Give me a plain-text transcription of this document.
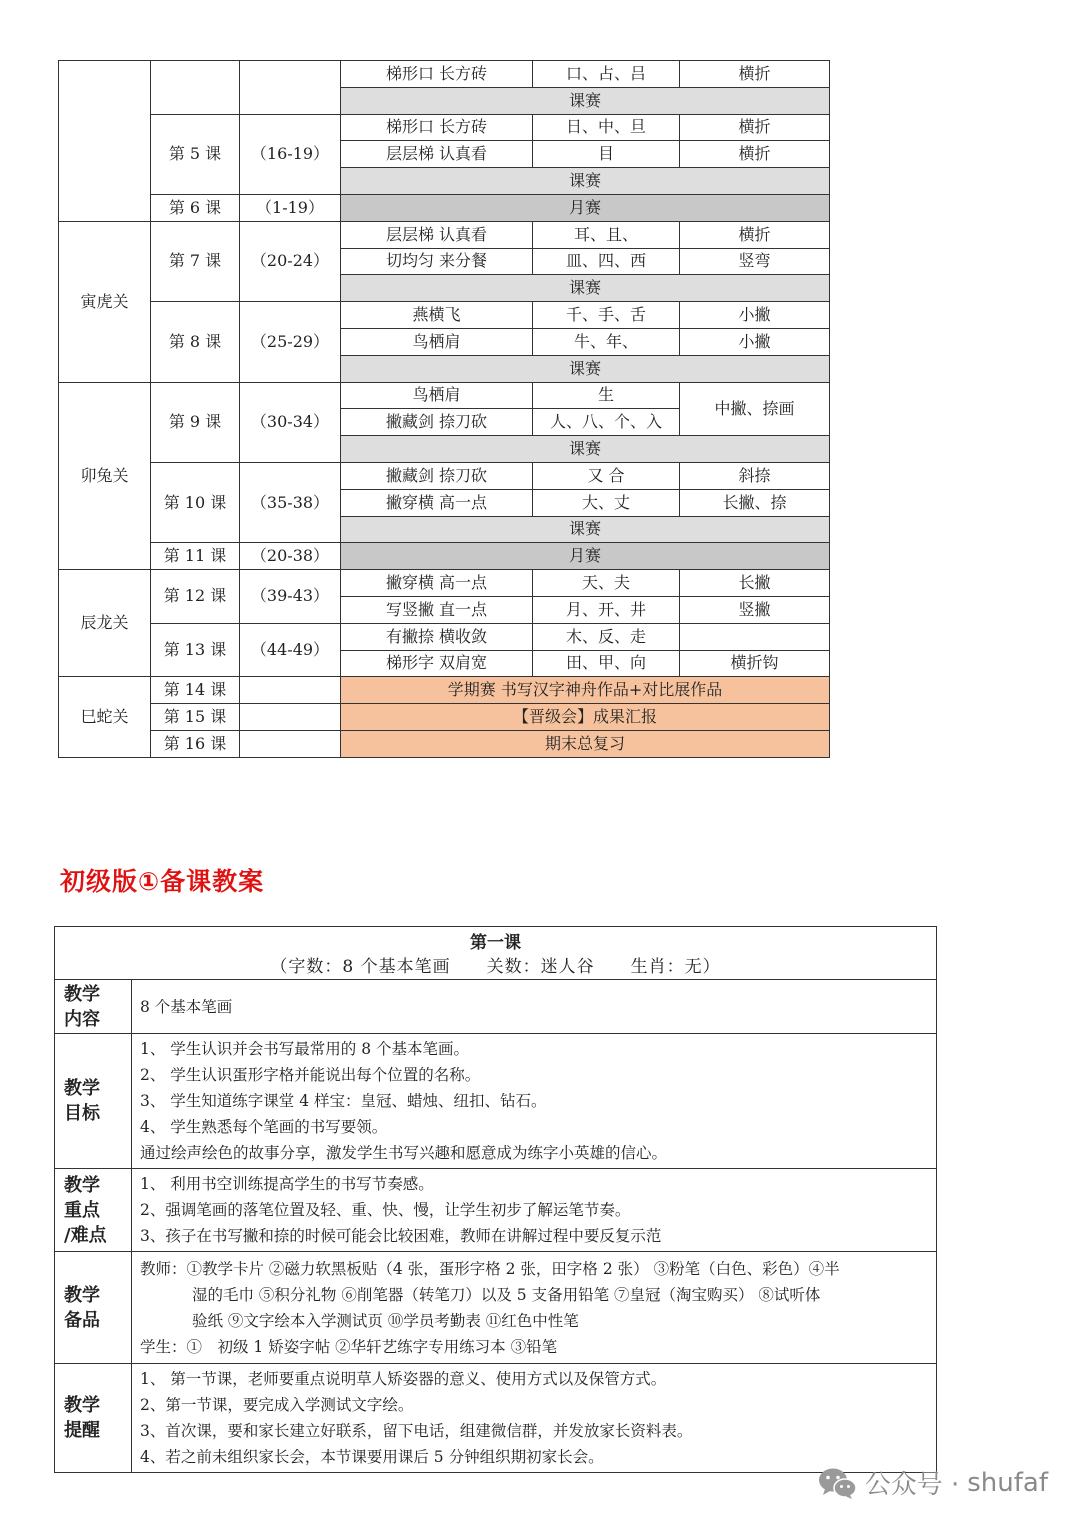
			梯形口 长方砖	口、占、吕	横折
			课赛		
	第 5 课	（16-19）	梯形口 长方砖	日、中、旦	横折
			层层梯 认真看	目	横折
			课赛		
	第 6 课	（1-19）	月赛		
寅虎关	第 7 课	（20-24）	层层梯 认真看	耳、且、	横折
			切均匀 来分餐	皿、四、西	竖弯
			课赛		
	第 8 课	（25-29）	燕横飞	千、手、舌	小撇
			鸟栖肩	牛、年、	小撇
			课赛		
卯兔关	第 9 课	（30-34）	鸟栖肩	生	中撇、捺画
			撇藏剑 捺刀砍	人、八、个、入	
			课赛		
	第 10 课	（35-38）	撇藏剑 捺刀砍	又 合	斜捺
			撇穿横 高一点	大、丈	长撇、捺
			课赛		
	第 11 课	（20-38）	月赛		
辰龙关	第 12 课	（39-43）	撇穿横 高一点	天、夫	长撇
			写竖撇 直一点	月、开、井	竖撇
	第 13 课	（44-49）	有撇捺 横收敛	木、反、走	
			梯形字 双肩宽	田、甲、向	横折钩
巳蛇关	第 14 课		学期赛 书写汉字神舟作品+对比展作品		
	第 15 课		【晋级会】成果汇报		
	第 16 课		期末总复习		
初级版①备课教案
第一课
（字数：8 个基本笔画　　关数：迷人谷　　生肖：无）	

教学
内容	8 个基本笔画

教学
目标	1、 学生认识并会书写最常用的 8 个基本笔画。
2、 学生认识蛋形字格并能说出每个位置的名称。
3、 学生知道练字课堂 4 样宝：皇冠、蜡烛、纽扣、钻石。
4、 学生熟悉每个笔画的书写要领。
通过绘声绘色的故事分享，激发学生书写兴趣和愿意成为练字小英雄的信心。

教学
重点
/难点	1、 利用书空训练提高学生的书写节奏感。
2、强调笔画的落笔位置及轻、重、快、慢，让学生初步了解运笔节奏。
3、孩子在书写撇和捺的时候可能会比较困难，教师在讲解过程中要反复示范

教学
备品	教师：①教学卡片 ②磁力软黑板贴（4 张，蛋形字格 2 张，田字格 2 张） ③粉笔（白色、彩色）④半
湿的毛巾 ⑤积分礼物 ⑥削笔器（转笔刀）以及 5 支备用铅笔 ⑦皇冠（淘宝购买） ⑧试听体
验纸 ⑨文字绘本入学测试页 ⑩学员考勤表 ⑪红色中性笔
学生：①　初级 1 矫姿字帖 ②华轩艺练字专用练习本 ③铅笔

教学
提醒	1、 第一节课，老师要重点说明草人矫姿器的意义、使用方式以及保管方式。
2、第一节课，要完成入学测试文字绘。
3、首次课，要和家长建立好联系，留下电话，组建微信群，并发放家长资料表。
4、若之前未组织家长会，本节课要用课后 5 分钟组织期初家长会。
公众号 · shufaf
